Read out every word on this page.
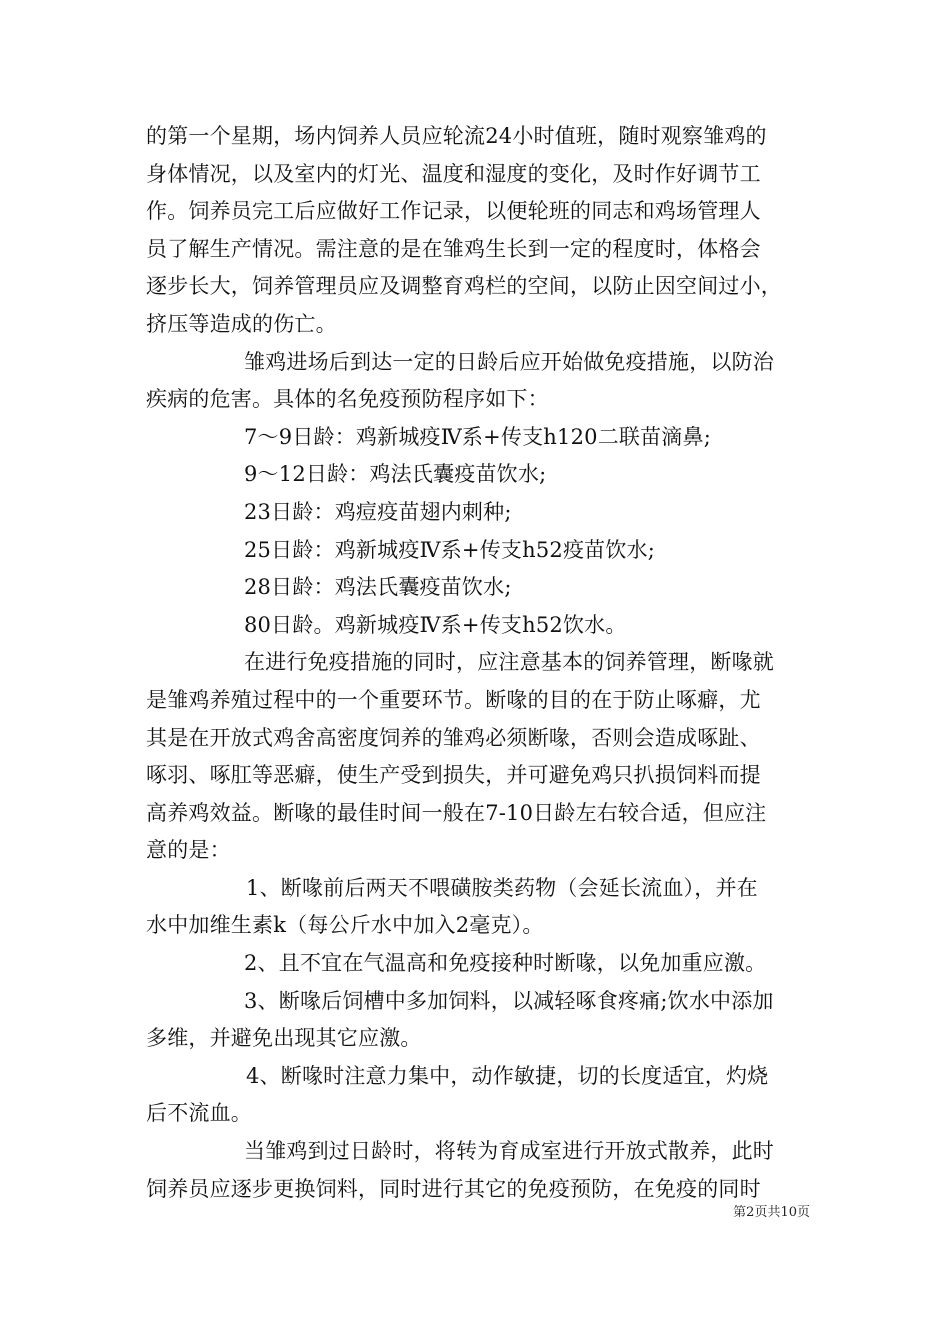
的第一个星期，场内饲养人员应轮流24小时值班，随时观察雏鸡的
身体情况，以及室内的灯光、温度和湿度的变化，及时作好调节工
作。饲养员完工后应做好工作记录，以便轮班的同志和鸡场管理人
员了解生产情况。需注意的是在雏鸡生长到一定的程度时，体格会
逐步长大，饲养管理员应及调整育鸡栏的空间，以防止因空间过小，
挤压等造成的伤亡。
雏鸡进场后到达一定的日龄后应开始做免疫措施，以防治
疾病的危害。具体的名免疫预防程序如下：
7～9日龄：鸡新城疫Ⅳ系+传支h120二联苗滴鼻;
9～12日龄：鸡法氏囊疫苗饮水;
23日龄：鸡痘疫苗翅内刺种;
25日龄：鸡新城疫Ⅳ系+传支h52疫苗饮水;
28日龄：鸡法氏囊疫苗饮水;
80日龄。鸡新城疫Ⅳ系+传支h52饮水。
在进行免疫措施的同时，应注意基本的饲养管理，断喙就
是雏鸡养殖过程中的一个重要环节。断喙的目的在于防止啄癖，尤
其是在开放式鸡舍高密度饲养的雏鸡必须断喙，否则会造成啄趾、
啄羽、啄肛等恶癖，使生产受到损失，并可避免鸡只扒损饲料而提
高养鸡效益。断喙的最佳时间一般在7-10日龄左右较合适，但应注
意的是：
1、断喙前后两天不喂磺胺类药物（会延长流血），并在
水中加维生素k（每公斤水中加入2毫克）。
2、且不宜在气温高和免疫接种时断喙，以免加重应激。
3、断喙后饲槽中多加饲料，以减轻啄食疼痛;饮水中添加
多维，并避免出现其它应激。
4、断喙时注意力集中，动作敏捷，切的长度适宜，灼烧
后不流血。
当雏鸡到过日龄时，将转为育成室进行开放式散养，此时
饲养员应逐步更换饲料，同时进行其它的免疫预防，在免疫的同时
第2页共10页
